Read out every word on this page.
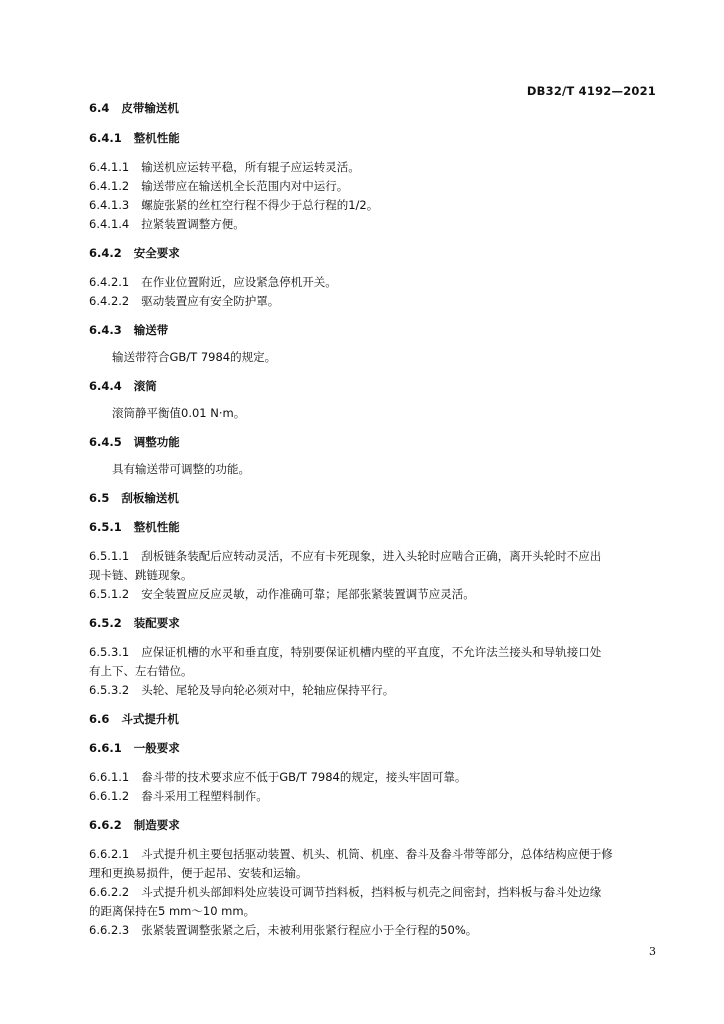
DB32/T 4192—2021
6.4 皮带输送机
6.4.1 整机性能
6.4.1.1 输送机应运转平稳，所有辊子应运转灵活。
6.4.1.2 输送带应在输送机全长范围内对中运行。
6.4.1.3 螺旋张紧的丝杠空行程不得少于总行程的1/2。
6.4.1.4 拉紧装置调整方便。
6.4.2 安全要求
6.4.2.1 在作业位置附近，应设紧急停机开关。
6.4.2.2 驱动装置应有安全防护罩。
6.4.3 输送带
输送带符合GB/T 7984的规定。
6.4.4 滚筒
滚筒静平衡值0.01 N·m。
6.4.5 调整功能
具有输送带可调整的功能。
6.5 刮板输送机
6.5.1 整机性能
6.5.1.1 刮板链条装配后应转动灵活，不应有卡死现象，进入头轮时应啮合正确，离开头轮时不应出
现卡链、跳链现象。
6.5.1.2 安全装置应反应灵敏，动作准确可靠；尾部张紧装置调节应灵活。
6.5.2 装配要求
6.5.3.1 应保证机槽的水平和垂直度，特别要保证机槽内壁的平直度，不允许法兰接头和导轨接口处
有上下、左右错位。
6.5.3.2 头轮、尾轮及导向轮必须对中，轮轴应保持平行。
6.6 斗式提升机
6.6.1 一般要求
6.6.1.1 畚斗带的技术要求应不低于GB/T 7984的规定，接头牢固可靠。
6.6.1.2 畚斗采用工程塑料制作。
6.6.2 制造要求
6.6.2.1 斗式提升机主要包括驱动装置、机头、机筒、机座、畚斗及畚斗带等部分，总体结构应便于修
理和更换易损件，便于起吊、安装和运输。
6.6.2.2 斗式提升机头部卸料处应装设可调节挡料板，挡料板与机壳之间密封，挡料板与畚斗处边缘
的距离保持在5 mm～10 mm。
6.6.2.3 张紧装置调整张紧之后，未被利用张紧行程应小于全行程的50%。
3
